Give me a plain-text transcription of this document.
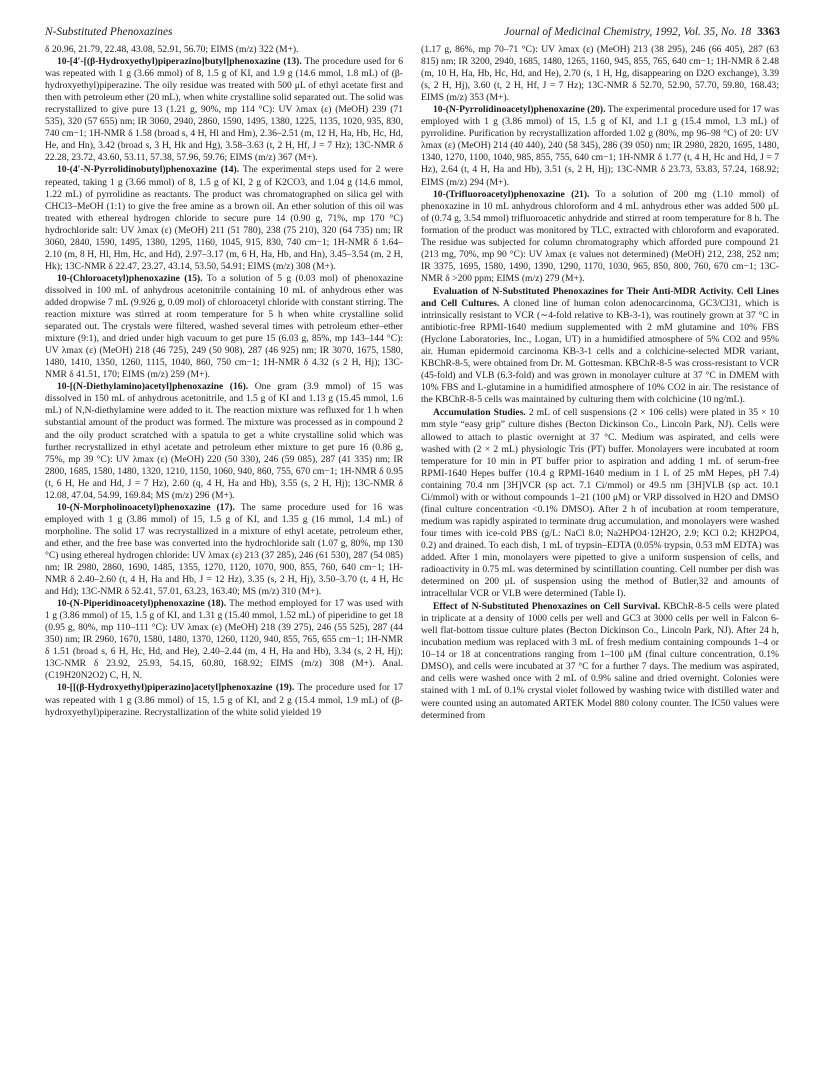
N-Substituted Phenoxazines	Journal of Medicinal Chemistry, 1992, Vol. 35, No. 18 3363

δ 20.96, 21.79, 22.48, 43.08, 52.91, 56.70; EIMS (m/z) 322 (M+).

10-[4′-[(β-Hydroxyethyl)piperazino]butyl]phenoxazine (13). The procedure used for 6 was repeated with 1 g (3.66 mmol) of 8, 1.5 g of KI, and 1.9 g (14.6 mmol, 1.8 mL) of (β-hydroxyethyl)piperazine. The oily residue was treated with 500 μL of ethyl acetate first and then with petroleum ether (20 mL), when white crystalline solid separated out. The solid was recrystallized to give pure 13 (1.21 g, 90%, mp 114 °C): UV λmax (ε) (MeOH) 239 (71 535), 320 (57 655) nm; IR 3060, 2940, 2860, 1590, 1495, 1380, 1225, 1135, 1020, 935, 830, 740 cm−1; 1H-NMR δ 1.58 (broad s, 4 H, Hl and Hm), 2.36–2.51 (m, 12 H, Ha, Hb, Hc, Hd, He, and Hn), 3.42 (broad s, 3 H, Hk and Hg), 3.58–3.63 (t, 2 H, Hf, J = 7 Hz); 13C-NMR δ 22.28, 23.72, 43.60, 53.11, 57.38, 57.96, 59.76; EIMS (m/z) 367 (M+).

10-(4′-N-Pyrrolidinobutyl)phenoxazine (14). The experimental steps used for 2 were repeated, taking 1 g (3.66 mmol) of 8, 1.5 g of KI, 2 g of K2CO3, and 1.04 g (14.6 mmol, 1.22 mL) of pyrrolidine as reactants. The product was chromatographed on silica gel with CHCl3–MeOH (1:1) to give the free amine as a brown oil. An ether solution of this oil was treated with ethereal hydrogen chloride to secure pure 14 (0.90 g, 71%, mp 170 °C) hydrochloride salt: UV λmax (ε) (MeOH) 211 (51 780), 238 (75 210), 320 (64 735) nm; IR 3060, 2840, 1590, 1495, 1380, 1295, 1160, 1045, 915, 830, 740 cm−1; 1H-NMR δ 1.64–2.10 (m, 8 H, Hl, Hm, Hc, and Hd), 2.97–3.17 (m, 6 H, Ha, Hb, and Hn), 3.45–3.54 (m, 2 H, Hk); 13C-NMR δ 22.47, 23.27, 43.14, 53.50, 54.91; EIMS (m/z) 308 (M+).

10-(Chloroacetyl)phenoxazine (15). To a solution of 5 g (0.03 mol) of phenoxazine dissolved in 100 mL of anhydrous acetonitrile containing 10 mL of anhydrous ether was added dropwise 7 mL (9.926 g, 0.09 mol) of chloroacetyl chloride with constant stirring. The reaction mixture was stirred at room temperature for 5 h when white crystalline solid separated out. The crystals were filtered, washed several times with petroleum ether–ether mixture (9:1), and dried under high vacuum to get pure 15 (6.03 g, 85%, mp 143–144 °C): UV λmax (ε) (MeOH) 218 (46 725), 249 (50 908), 287 (46 925) nm; IR 3070, 1675, 1580, 1480, 1410, 1350, 1260, 1115, 1040, 860, 750 cm−1; 1H-NMR δ 4.32 (s 2 H, Hj); 13C-NMR δ 41.51, 170; EIMS (m/z) 259 (M+).

10-[(N-Diethylamino)acetyl]phenoxazine (16). One gram (3.9 mmol) of 15 was dissolved in 150 mL of anhydrous acetonitrile, and 1.5 g of KI and 1.13 g (15.45 mmol, 1.6 mL) of N,N-diethylamine were added to it. The reaction mixture was refluxed for 1 h when substantial amount of the product was formed. The mixture was processed as in compound 2 and the oily product scratched with a spatula to get a white crystalline solid which was further recrystallized in ethyl acetate and petroleum ether mixture to get pure 16 (0.86 g, 75%, mp 39 °C): UV λmax (ε) (MeOH) 220 (50 330), 246 (59 085), 287 (41 335) nm; IR 2800, 1685, 1580, 1480, 1320, 1210, 1150, 1060, 940, 860, 755, 670 cm−1; 1H-NMR δ 0.95 (t, 6 H, He and Hd, J = 7 Hz), 2.60 (q, 4 H, Ha and Hb), 3.55 (s, 2 H, Hj); 13C-NMR δ 12.08, 47.04, 54.99, 169.84; MS (m/z) 296 (M+).

10-(N-Morpholinoacetyl)phenoxazine (17). The same procedure used for 16 was employed with 1 g (3.86 mmol) of 15, 1.5 g of KI, and 1.35 g (16 mmol, 1.4 mL) of morpholine. The solid 17 was recrystallized in a mixture of ethyl acetate, petroleum ether, and ether, and the free base was converted into the hydrochloride salt (1.07 g, 80%, mp 130 °C) using ethereal hydrogen chloride: UV λmax (ε) 213 (37 285), 246 (61 530), 287 (54 085) nm; IR 2980, 2860, 1690, 1485, 1355, 1270, 1120, 1070, 900, 855, 760, 640 cm−1; 1H-NMR δ 2.40–2.60 (t, 4 H, Ha and Hb, J = 12 Hz), 3.35 (s, 2 H, Hj), 3.50–3.70 (t, 4 H, Hc and Hd); 13C-NMR δ 52.41, 57.01, 63.23, 163.40; MS (m/z) 310 (M+).

10-(N-Piperidinoacetyl)phenoxazine (18). The method employed for 17 was used with 1 g (3.86 mmol) of 15, 1.5 g of KI, and 1.31 g (15.40 mmol, 1.52 mL) of piperidine to get 18 (0.95 g, 80%, mp 110–111 °C): UV λmax (ε) (MeOH) 218 (39 275), 246 (55 525), 287 (44 350) nm; IR 2960, 1670, 1580, 1480, 1370, 1260, 1120, 940, 855, 765, 655 cm−1; 1H-NMR δ 1.51 (broad s, 6 H, Hc, Hd, and He), 2.40–2.44 (m, 4 H, Ha and Hb), 3.34 (s, 2 H, Hj); 13C-NMR δ 23.92, 25.93, 54.15, 60.80, 168.92; EIMS (m/z) 308 (M+). Anal. (C19H20N2O2) C, H, N.

10-[[(β-Hydroxyethyl)piperazino]acetyl]phenoxazine (19). The procedure used for 17 was repeated with 1 g (3.86 mmol) of 15, 1.5 g of KI, and 2 g (15.4 mmol, 1.9 mL) of (β-hydroxyethyl)piperazine. Recrystallization of the white solid yielded 19

(1.17 g, 86%, mp 70–71 °C): UV λmax (ε) (MeOH) 213 (38 295), 246 (66 405), 287 (63 815) nm; IR 3200, 2940, 1685, 1480, 1265, 1160, 945, 855, 765, 640 cm−1; 1H-NMR δ 2.48 (m, 10 H, Ha, Hb, Hc, Hd, and He), 2.70 (s, 1 H, Hg, disappearing on D2O exchange), 3.39 (s, 2 H, Hj), 3.60 (t, 2 H, Hf, J = 7 Hz); 13C-NMR δ 52.70, 52.90, 57.70, 59.80, 168.43; EIMS (m/z) 353 (M+).

10-(N-Pyrrolidinoacetyl)phenoxazine (20). The experimental procedure used for 17 was employed with 1 g (3.86 mmol) of 15, 1.5 g of KI, and 1.1 g (15.4 mmol, 1.3 mL) of pyrrolidine. Purification by recrystallization afforded 1.02 g (80%, mp 96–98 °C) of 20: UV λmax (ε) (MeOH) 214 (40 440), 240 (58 345), 286 (39 050) nm; IR 2980, 2820, 1695, 1480, 1340, 1270, 1100, 1040, 985, 855, 755, 640 cm−1; 1H-NMR δ 1.77 (t, 4 H, Hc and Hd, J = 7 Hz), 2.64 (t, 4 H, Ha and Hb), 3.51 (s, 2 H, Hj); 13C-NMR δ 23.73, 53.83, 57.24, 168.92; EIMS (m/z) 294 (M+).

10-(Trifluoroacetyl)phenoxazine (21). To a solution of 200 mg (1.10 mmol) of phenoxazine in 10 mL anhydrous chloroform and 4 mL anhydrous ether was added 500 μL of (0.74 g, 3.54 mmol) trifluoroacetic anhydride and stirred at room temperature for 8 h. The formation of the product was monitored by TLC, extracted with chloroform and evaporated. The residue was subjected for column chromatography which afforded pure compound 21 (213 mg, 70%, mp 90 °C): UV λmax (ε values not determined) (MeOH) 212, 238, 252 nm; IR 3375, 1695, 1580, 1490, 1390, 1290, 1170, 1030, 965, 850, 800, 760, 670 cm−1; 13C-NMR δ >200 ppm; EIMS (m/z) 279 (M+).

Evaluation of N-Substituted Phenoxazines for Their Anti-MDR Activity. Cell Lines and Cell Cultures. A cloned line of human colon adenocarcinoma, GC3/Cl31, which is intrinsically resistant to VCR (∼4-fold relative to KB-3-1), was routinely grown at 37 °C in antibiotic-free RPMI-1640 medium supplemented with 2 mM glutamine and 10% FBS (Hyclone Laboratories, Inc., Logan, UT) in a humidified atmosphere of 5% CO2 and 95% air. Human epidermoid carcinoma KB-3-1 cells and a colchicine-selected MDR variant, KBChR-8-5, were obtained from Dr. M. Gottesman. KBChR-8-5 was cross-resistant to VCR (45-fold) and VLB (6.3-fold) and was grown in monolayer culture at 37 °C in DMEM with 10% FBS and L-glutamine in a humidified atmosphere of 10% CO2 in air. The resistance of the KBChR-8-5 cells was maintained by culturing them with colchicine (10 ng/mL).

Accumulation Studies. 2 mL of cell suspensions (2 × 106 cells) were plated in 35 × 10 mm style “easy grip” culture dishes (Becton Dickinson Co., Lincoln Park, NJ). Cells were allowed to attach to plastic overnight at 37 °C. Medium was aspirated, and cells were washed with (2 × 2 mL) physiologic Tris (PT) buffer. Monolayers were incubated at room temperature for 10 min in PT buffer prior to aspiration and adding 1 mL of serum-free RPMI-1640 Hepes buffer (10.4 g RPMI-1640 medium in 1 L of 25 mM Hepes, pH 7.4) containing 70.4 nm [3H]VCR (sp act. 7.1 Ci/mmol) or 49.5 nm [3H]VLB (sp act. 10.1 Ci/mmol) with or without compounds 1–21 (100 μM) or VRP dissolved in H2O and DMSO (final culture concentration <0.1% DMSO). After 2 h of incubation at room temperature, medium was rapidly aspirated to terminate drug accumulation, and monolayers were washed four times with ice-cold PBS (g/L: NaCl 8.0; Na2HPO4·12H2O, 2.9; KCl 0.2; KH2PO4, 0.2) and drained. To each dish, 1 mL of trypsin–EDTA (0.05% trypsin, 0.53 mM EDTA) was added. After 1 min, monolayers were pipetted to give a uniform suspension of cells, and radioactivity in 0.75 mL was determined by scintillation counting. Cell number per dish was determined on 200 μL of suspension using the method of Butler,32 and amounts of intracellular VCR or VLB were determined (Table I).

Effect of N-Substituted Phenoxazines on Cell Survival. KBChR-8-5 cells were plated in triplicate at a density of 1000 cells per well and GC3 at 3000 cells per well in Falcon 6-well flat-bottom tissue culture plates (Becton Dickinson Co., Lincoln Park, NJ). After 24 h, incubation medium was replaced with 3 mL of fresh medium containing compounds 1–4 or 10–14 or 18 at concentrations ranging from 1–100 μM (final culture concentration, 0.1% DMSO), and cells were incubated at 37 °C for a further 7 days. The medium was aspirated, and cells were washed once with 2 mL of 0.9% saline and dried overnight. Colonies were stained with 1 mL of 0.1% crystal violet followed by washing twice with distilled water and were counted using an automated ARTEK Model 880 colony counter. The IC50 values were determined from
